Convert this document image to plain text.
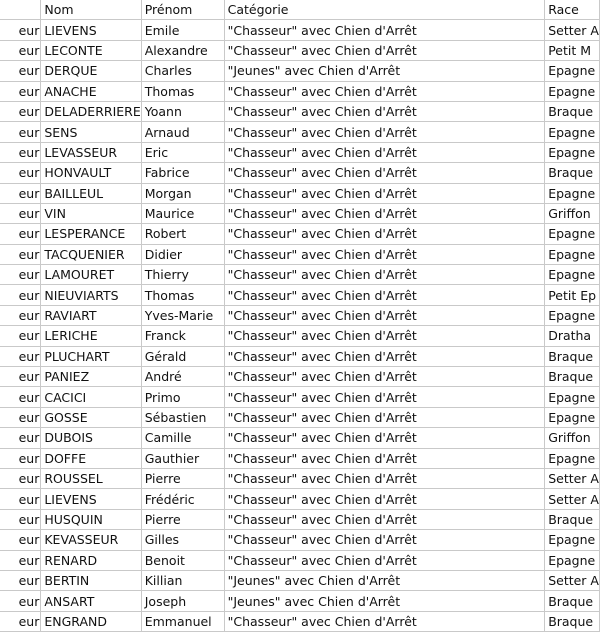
	Nom	Prénom	Catégorie	Race
eur	LIEVENS	Emile	"Chasseur" avec Chien d'Arrêt	Setter A
eur	LECONTE	Alexandre	"Chasseur" avec Chien d'Arrêt	Petit M
eur	DERQUE	Charles	"Jeunes" avec Chien d'Arrêt	Epagne
eur	ANACHE	Thomas	"Chasseur" avec Chien d'Arrêt	Epagne
eur	DELADERRIERE	Yoann	"Chasseur" avec Chien d'Arrêt	Braque
eur	SENS	Arnaud	"Chasseur" avec Chien d'Arrêt	Epagne
eur	LEVASSEUR	Eric	"Chasseur" avec Chien d'Arrêt	Epagne
eur	HONVAULT	Fabrice	"Chasseur" avec Chien d'Arrêt	Braque
eur	BAILLEUL	Morgan	"Chasseur" avec Chien d'Arrêt	Epagne
eur	VIN	Maurice	"Chasseur" avec Chien d'Arrêt	Griffon
eur	LESPERANCE	Robert	"Chasseur" avec Chien d'Arrêt	Epagne
eur	TACQUENIER	Didier	"Chasseur" avec Chien d'Arrêt	Epagne
eur	LAMOURET	Thierry	"Chasseur" avec Chien d'Arrêt	Epagne
eur	NIEUVIARTS	Thomas	"Chasseur" avec Chien d'Arrêt	Petit Ep
eur	RAVIART	Yves-Marie	"Chasseur" avec Chien d'Arrêt	Epagne
eur	LERICHE	Franck	"Chasseur" avec Chien d'Arrêt	Dratha
eur	PLUCHART	Gérald	"Chasseur" avec Chien d'Arrêt	Braque
eur	PANIEZ	André	"Chasseur" avec Chien d'Arrêt	Braque
eur	CACICI	Primo	"Chasseur" avec Chien d'Arrêt	Epagne
eur	GOSSE	Sébastien	"Chasseur" avec Chien d'Arrêt	Epagne
eur	DUBOIS	Camille	"Chasseur" avec Chien d'Arrêt	Griffon
eur	DOFFE	Gauthier	"Chasseur" avec Chien d'Arrêt	Epagne
eur	ROUSSEL	Pierre	"Chasseur" avec Chien d'Arrêt	Setter A
eur	LIEVENS	Frédéric	"Chasseur" avec Chien d'Arrêt	Setter A
eur	HUSQUIN	Pierre	"Chasseur" avec Chien d'Arrêt	Braque
eur	KEVASSEUR	Gilles	"Chasseur" avec Chien d'Arrêt	Epagne
eur	RENARD	Benoit	"Chasseur" avec Chien d'Arrêt	Epagne
eur	BERTIN	Killian	"Jeunes" avec Chien d'Arrêt	Setter A
eur	ANSART	Joseph	"Jeunes" avec Chien d'Arrêt	Braque
eur	ENGRAND	Emmanuel	"Chasseur" avec Chien d'Arrêt	Braque
